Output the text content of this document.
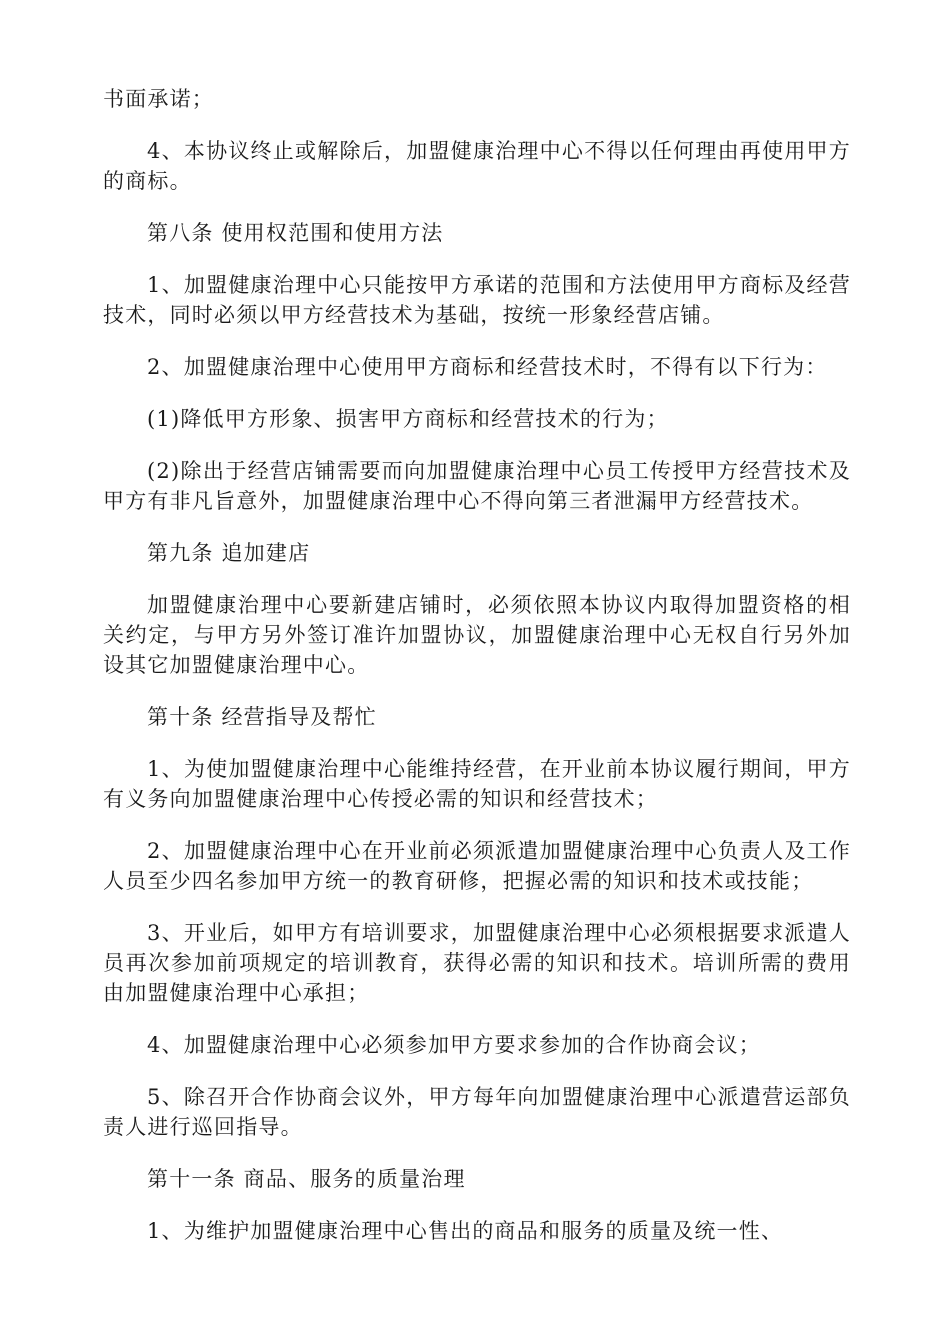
书面承诺；

4、本协议终止或解除后，加盟健康治理中心不得以任何理由再使用甲方的商标。

第八条 使用权范围和使用方法

1、加盟健康治理中心只能按甲方承诺的范围和方法使用甲方商标及经营技术，同时必须以甲方经营技术为基础，按统一形象经营店铺。

2、加盟健康治理中心使用甲方商标和经营技术时，不得有以下行为：

(1)降低甲方形象、损害甲方商标和经营技术的行为；

(2)除出于经营店铺需要而向加盟健康治理中心员工传授甲方经营技术及甲方有非凡旨意外，加盟健康治理中心不得向第三者泄漏甲方经营技术。

第九条 追加建店

加盟健康治理中心要新建店铺时，必须依照本协议内取得加盟资格的相关约定，与甲方另外签订准许加盟协议，加盟健康治理中心无权自行另外加设其它加盟健康治理中心。

第十条 经营指导及帮忙

1、为使加盟健康治理中心能维持经营，在开业前本协议履行期间，甲方有义务向加盟健康治理中心传授必需的知识和经营技术；

2、加盟健康治理中心在开业前必须派遣加盟健康治理中心负责人及工作人员至少四名参加甲方统一的教育研修，把握必需的知识和技术或技能；

3、开业后，如甲方有培训要求，加盟健康治理中心必须根据要求派遣人员再次参加前项规定的培训教育，获得必需的知识和技术。培训所需的费用由加盟健康治理中心承担；

4、加盟健康治理中心必须参加甲方要求参加的合作协商会议；

5、除召开合作协商会议外，甲方每年向加盟健康治理中心派遣营运部负责人进行巡回指导。

第十一条 商品、服务的质量治理

1、为维护加盟健康治理中心售出的商品和服务的质量及统一性、
